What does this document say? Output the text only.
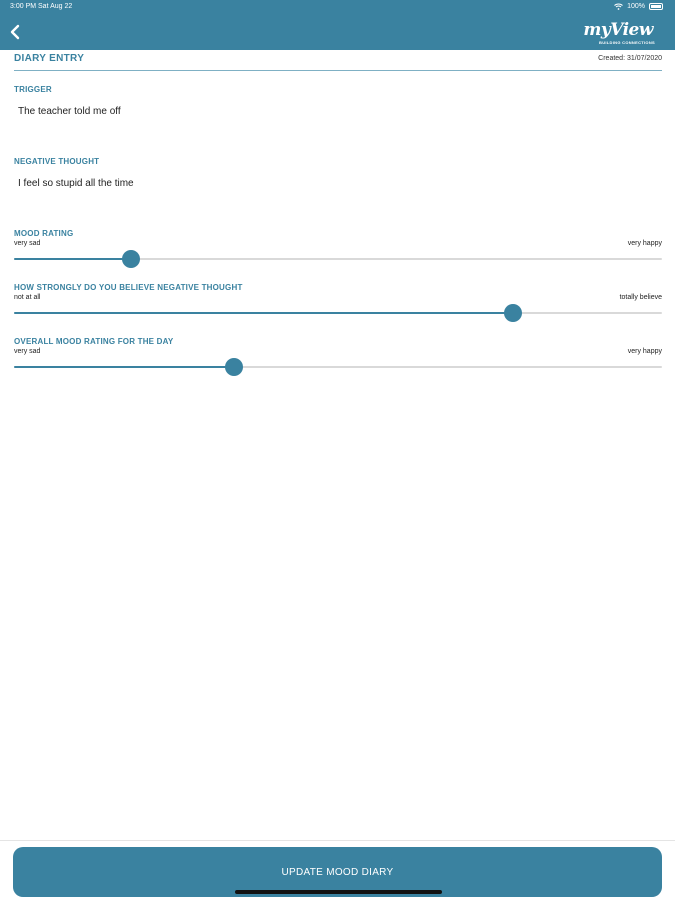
3:00 PM Sat Aug 22	100%
myView
BUILDING CONNECTIONS
DIARY ENTRY	Created: 31/07/2020
TRIGGER
The teacher told me off
NEGATIVE THOUGHT
I feel so stupid all the time
MOOD RATING
very sad	very happy
HOW STRONGLY DO YOU BELIEVE NEGATIVE THOUGHT
not at all	totally believe
OVERALL MOOD RATING FOR THE DAY
very sad	very happy
UPDATE MOOD DIARY
